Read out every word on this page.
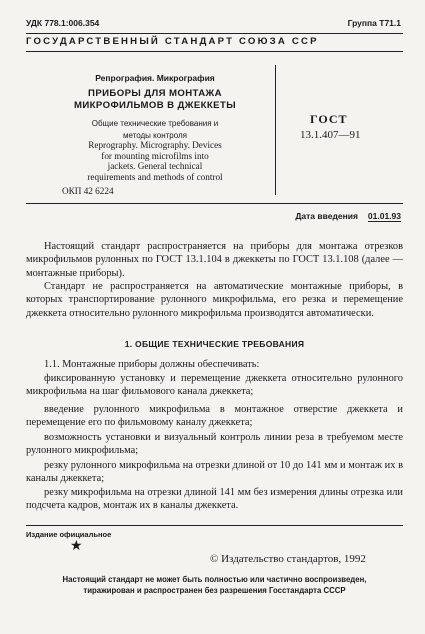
УДК 778.1:006.354	Группа Т71.1
ГОСУДАРСТВЕННЫЙ СТАНДАРТ СОЮЗА ССР
Репрография. Микрография
ПРИБОРЫ ДЛЯ МОНТАЖА
МИКРОФИЛЬМОВ В ДЖЕККЕТЫ
Общие технические требования и
методы контроля
Reprography. Micrography. Devices
for mounting microfilms into
jackets. General technical
requirements and methods of control
ОКП 42 6224
ГОСТ
13.1.407—91
Дата введения 01.01.93
Настоящий стандарт распространяется на приборы для монтажа отрезков микрофильмов рулонных по ГОСТ 13.1.104 в джеккеты по ГОСТ 13.1.108 (далее — монтажные приборы).
Стандарт не распространяется на автоматические монтажные приборы, в которых транспортирование рулонного микрофильма, его резка и перемещение джеккета относительно рулонного микрофильма производятся автоматически.
1. ОБЩИЕ ТЕХНИЧЕСКИЕ ТРЕБОВАНИЯ
1.1. Монтажные приборы должны обеспечивать:
фиксированную установку и перемещение джеккета относительно рулонного микрофильма на шаг фильмового канала джеккета;
введение рулонного микрофильма в монтажное отверстие джеккета и перемещение его по фильмовому каналу джеккета;
возможность установки и визуальный контроль линии реза в требуемом месте рулонного микрофильма;
резку рулонного микрофильма на отрезки длиной от 10 до 141 мм и монтаж их в каналы джеккета;
резку микрофильма на отрезки длиной 141 мм без измерения длины отрезка или подсчета кадров, монтаж их в каналы джеккета.
Издание официальное
★
© Издательство стандартов, 1992
Настоящий стандарт не может быть полностью или частично воспроизведен,
тиражирован и распространен без разрешения Госстандарта СССР
